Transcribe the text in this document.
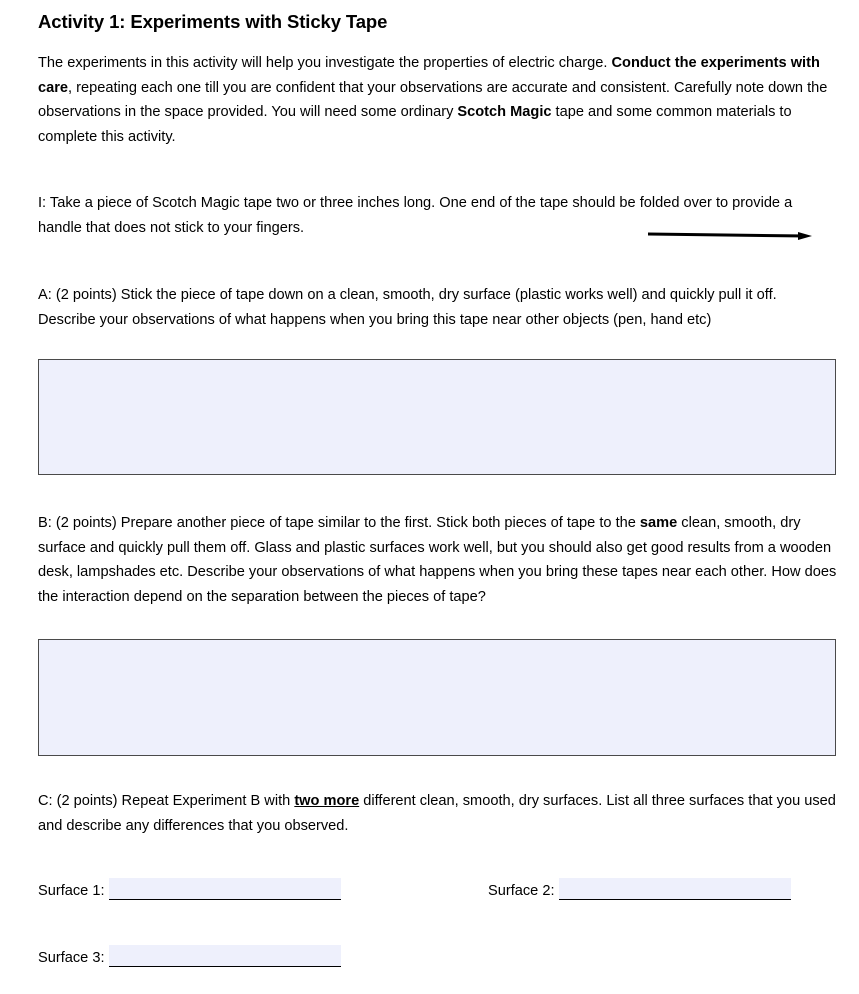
Activity 1: Experiments with Sticky Tape
The experiments in this activity will help you investigate the properties of electric charge. Conduct the experiments with care, repeating each one till you are confident that your observations are accurate and consistent. Carefully note down the observations in the space provided. You will need some ordinary Scotch Magic tape and some common materials to complete this activity.
I: Take a piece of Scotch Magic tape two or three inches long. One end of the tape should be folded over to provide a handle that does not stick to your fingers.
A: (2 points) Stick the piece of tape down on a clean, smooth, dry surface (plastic works well) and quickly pull it off. Describe your observations of what happens when you bring this tape near other objects (pen, hand etc)
B: (2 points) Prepare another piece of tape similar to the first. Stick both pieces of tape to the same clean, smooth, dry surface and quickly pull them off. Glass and plastic surfaces work well, but you should also get good results from a wooden desk, lampshades etc. Describe your observations of what happens when you bring these tapes near each other. How does the interaction depend on the separation between the pieces of tape?
C: (2 points) Repeat Experiment B with two more different clean, smooth, dry surfaces. List all three surfaces that you used and describe any differences that you observed.
Surface 1:	Surface 2:
Surface 3:
